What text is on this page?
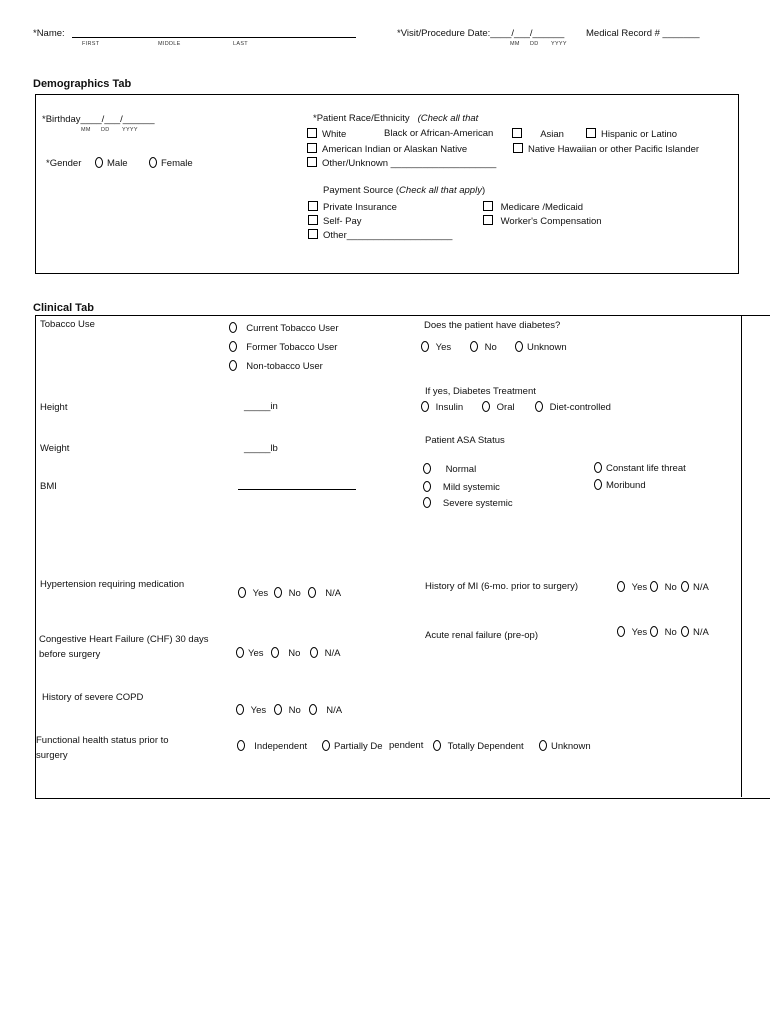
*Name:
FIRST	MIDDLE	LAST
*Visit/Procedure Date:____/___/______
MM DD YYYY
Medical Record # _______
Demographics Tab
*Birthday____/___/______
MM DD YYYY
*Gender	Male	Female
*Patient Race/Ethnicity (Check all that
White	Black or African-American	Asian	Hispanic or Latino
American Indian or Alaskan Native	Native Hawaiian or other Pacific Islander
Other/Unknown ____________________
Payment Source (Check all that apply)
Private Insurance	Medicare /Medicaid
Self- Pay	Worker's Compensation
Other____________________
Clinical Tab
Tobacco Use	Current Tobacco User
Former Tobacco User
Non-tobacco User
Does the patient have diabetes?
Yes	No	Unknown
If yes, Diabetes Treatment
Insulin	Oral	Diet-controlled
Height	_____in
Weight	_____lb
Patient ASA Status
Normal
Mild systemic
Severe systemic
Constant life threat
Moribund
BMI
Hypertension requiring medication
Yes	No	N/A
History of MI (6-mo. prior to surgery)	Yes	No	N/A
Congestive Heart Failure (CHF) 30 days
before surgery	Yes	No	N/A
Acute renal failure (pre-op)	Yes	No	N/A
History of severe COPD
Yes	No	N/A
Functional health status prior to
surgery
Independent	Partially De pendent	Totally Dependent	Unknown
